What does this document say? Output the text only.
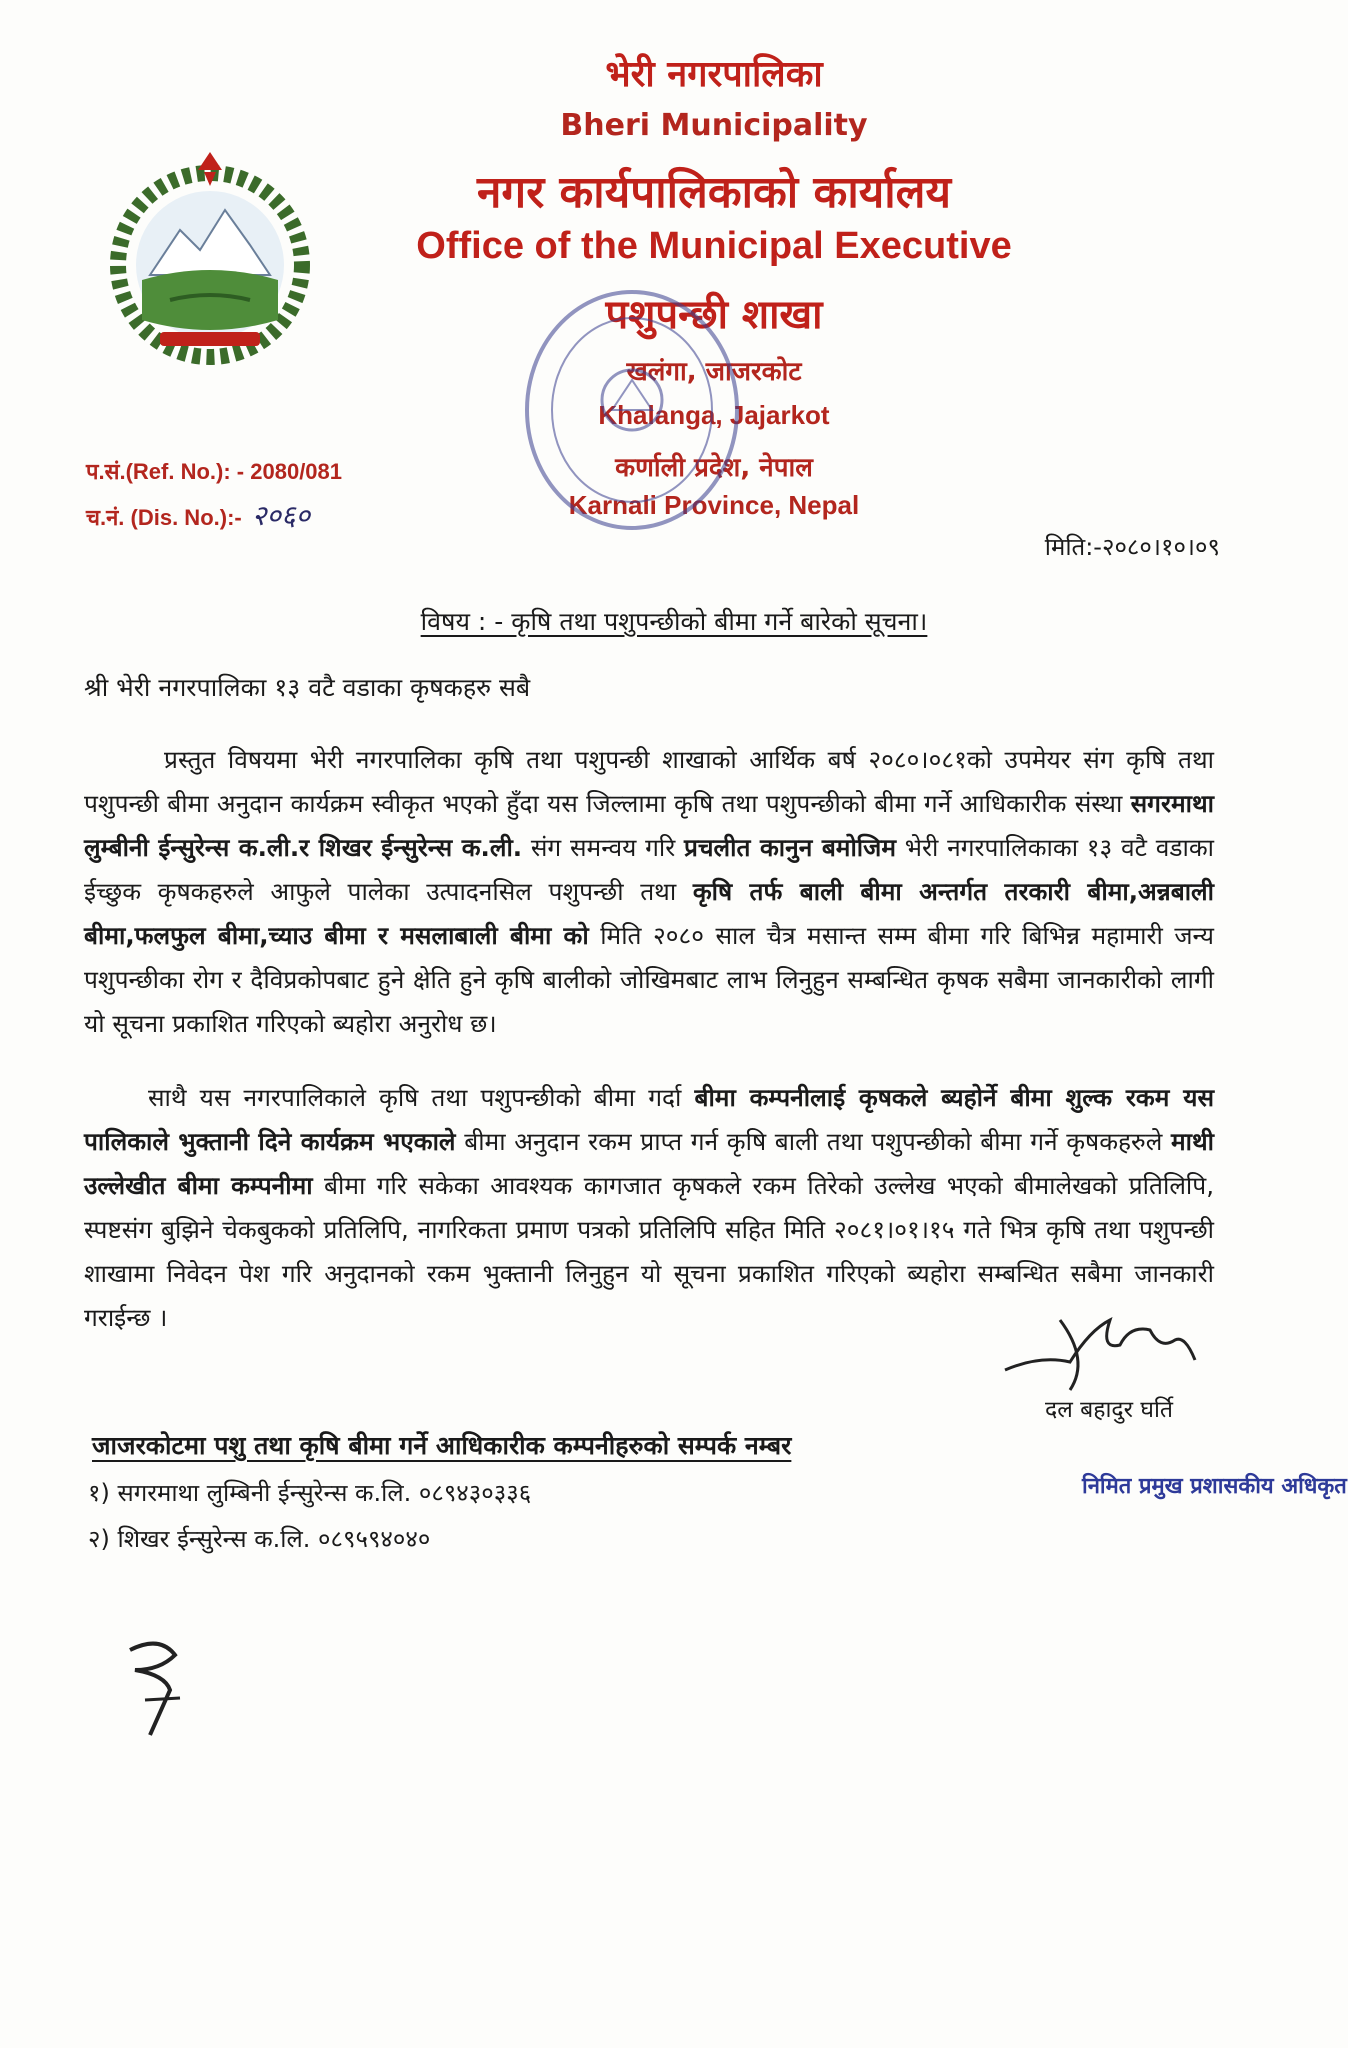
भेरी नगरपालिका
Bheri Municipality
नगर कार्यपालिकाको कार्यालय
Office of the Municipal Executive
पशुपन्छी शाखा
खलंगा, जाजरकोट
Khalanga, Jajarkot
कर्णाली प्रदेश, नेपाल
Karnali Province, Nepal
प.सं.(Ref. No.): - 2080/081
च.नं. (Dis. No.):- २०६०
मिति:-२०८०।१०।०९
विषय : - कृषि तथा पशुपन्छीको बीमा गर्ने बारेको सूचना।
श्री भेरी नगरपालिका १३ वटै वडाका कृषकहरु सबै
प्रस्तुत विषयमा भेरी नगरपालिका कृषि तथा पशुपन्छी शाखाको आर्थिक बर्ष २०८०।०८१को उपमेयर संग कृषि तथा पशुपन्छी बीमा अनुदान कार्यक्रम स्वीकृत भएको हुँदा यस जिल्लामा कृषि तथा पशुपन्छीको बीमा गर्ने आधिकारीक संस्था सगरमाथा लुम्बीनी ईन्सुरेन्स क.ली.र शिखर ईन्सुरेन्स क.ली. संग समन्वय गरि प्रचलीत कानुन बमोजिम भेरी नगरपालिकाका १३ वटै वडाका ईच्छुक कृषकहरुले आफुले पालेका उत्पादनसिल पशुपन्छी तथा कृषि तर्फ बाली बीमा अन्तर्गत तरकारी बीमा,अन्नबाली बीमा,फलफुल बीमा,च्याउ बीमा र मसलाबाली बीमा को मिति २०८० साल चैत्र मसान्त सम्म बीमा गरि बिभिन्न महामारी जन्य पशुपन्छीका रोग र दैविप्रकोपबाट हुने क्षेति हुने कृषि बालीको जोखिमबाट लाभ लिनुहुन सम्बन्धित कृषक सबैमा जानकारीको लागी यो सूचना प्रकाशित गरिएको ब्यहोरा अनुरोध छ।
साथै यस नगरपालिकाले कृषि तथा पशुपन्छीको बीमा गर्दा बीमा कम्पनीलाई कृषकले ब्यहोर्ने बीमा शुल्क रकम यस पालिकाले भुक्तानी दिने कार्यक्रम भएकाले बीमा अनुदान रकम प्राप्त गर्न कृषि बाली तथा पशुपन्छीको बीमा गर्ने कृषकहरुले माथी उल्लेखीत बीमा कम्पनीमा बीमा गरि सकेका आवश्यक कागजात कृषकले रकम तिरेको उल्लेख भएको बीमालेखको प्रतिलिपि, स्पष्टसंग बुझिने चेकबुकको प्रतिलिपि, नागरिकता प्रमाण पत्रको प्रतिलिपि सहित मिति २०८१।०१।१५ गते भित्र कृषि तथा पशुपन्छी शाखामा निवेदन पेश गरि अनुदानको रकम भुक्तानी लिनुहुन यो सूचना प्रकाशित गरिएको ब्यहोरा सम्बन्धित सबैमा जानकारी गराईन्छ ।
दल बहादुर घर्ति
निमित प्रमुख प्रशासकीय अधिकृत
जाजरकोटमा पशु तथा कृषि बीमा गर्ने आधिकारीक कम्पनीहरुको सम्पर्क नम्बर
१) सगरमाथा लुम्बिनी ईन्सुरेन्स क.लि. ०८९४३०३३६
२) शिखर ईन्सुरेन्स क.लि. ०८९५९४०४०
